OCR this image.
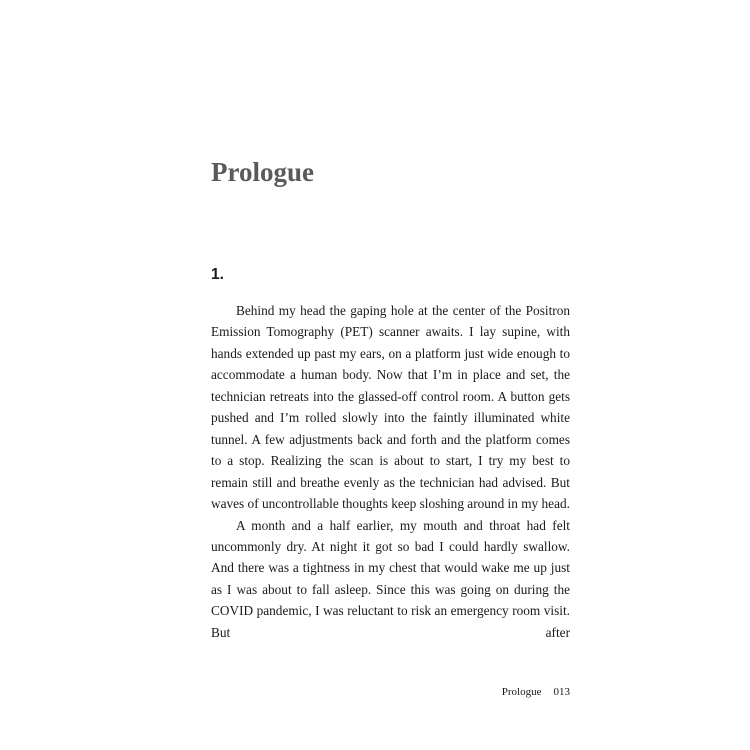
Prologue
1.

Behind my head the gaping hole at the center of the Positron Emission Tomography (PET) scanner awaits. I lay supine, with hands extended up past my ears, on a platform just wide enough to accommodate a human body. Now that I’m in place and set, the technician retreats into the glassed-off control room. A button gets pushed and I’m rolled slowly into the faintly illuminated white tunnel. A few adjustments back and forth and the platform comes to a stop. Realizing the scan is about to start, I try my best to remain still and breathe evenly as the technician had advised. But waves of uncontrollable thoughts keep sloshing around in my head.

A month and a half earlier, my mouth and throat had felt uncommonly dry. At night it got so bad I could hardly swallow. And there was a tightness in my chest that would wake me up just as I was about to fall asleep. Since this was going on during the COVID pandemic, I was reluctant to risk an emergency room visit. But after

Prologue 013
